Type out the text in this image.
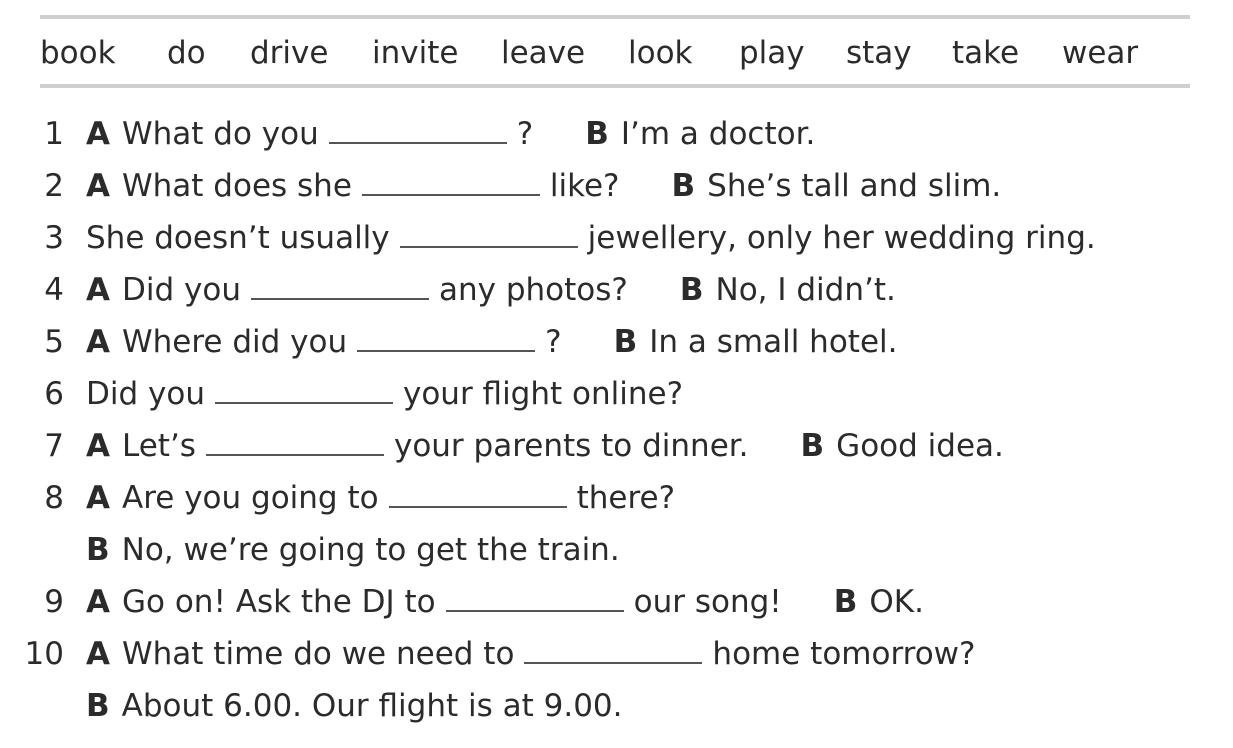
book do drive invite leave look play stay take wear
1 A What do you	? B I’m a doctor.
2 A What does she	like? B She’s tall and slim.
3 She doesn’t usually	jewellery, only her wedding ring.
4 A Did you	any photos? B No, I didn’t.
5 A Where did you	? B In a small hotel.
6 Did you	your flight online?
7 A Let’s	your parents to dinner. B Good idea.
8 A Are you going to	there?
B No, we’re going to get the train.
9 A Go on! Ask the DJ to	our song! B OK.
10 A What time do we need to	home tomorrow?
B About 6.00. Our flight is at 9.00.
